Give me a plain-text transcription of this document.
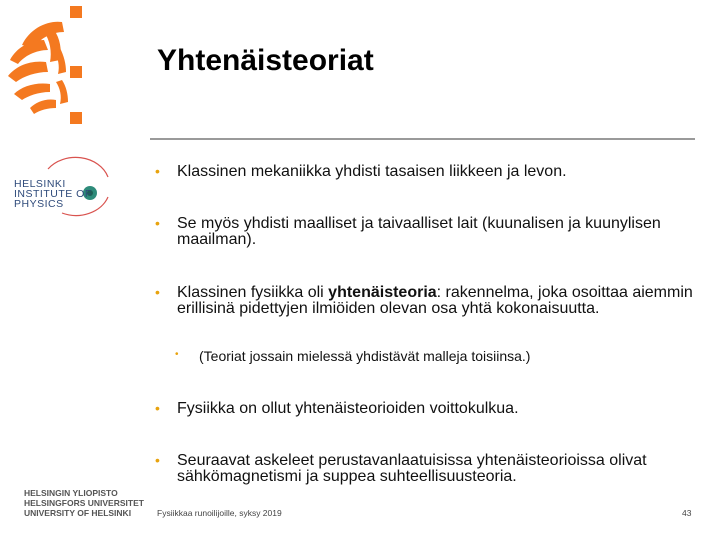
Yhtenäisteoriat
HELSINKI
INSTITUTE OF
PHYSICS
HELSINGIN YLIOPISTO
HELSINGFORS UNIVERSITET
UNIVERSITY OF HELSINKI
•	Klassinen mekaniikka yhdisti tasaisen liikkeen ja levon.
•	Se myös yhdisti maalliset ja taivaalliset lait (kuunalisen ja kuunylisen maailman).
•	Klassinen fysiikka oli yhtenäisteoria: rakennelma, joka osoittaa aiemmin erillisinä pidettyjen ilmiöiden olevan osa yhtä kokonaisuutta.
•	(Teoriat jossain mielessä yhdistävät malleja toisiinsa.)
•	Fysiikka on ollut yhtenäisteorioiden voittokulkua.
•	Seuraavat askeleet perustavanlaatuisissa yhtenäisteorioissa olivat sähkömagnetismi ja suppea suhteellisuusteoria.
Fysiikkaa runoilijoille, syksy 2019	43
